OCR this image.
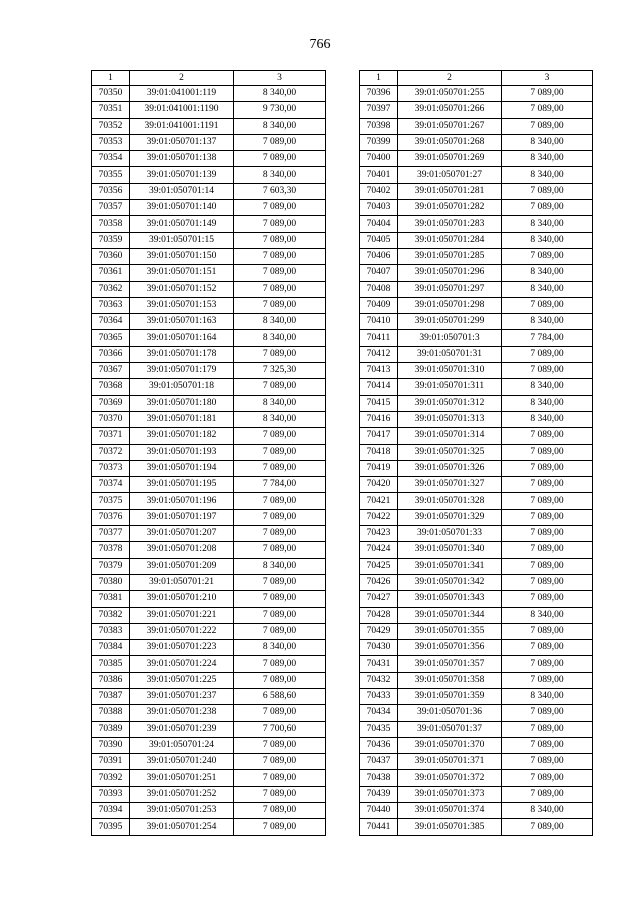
766
1	2	3
70350	39:01:041001:119	8 340,00
70351	39:01:041001:1190	9 730,00
70352	39:01:041001:1191	8 340,00
70353	39:01:050701:137	7 089,00
70354	39:01:050701:138	7 089,00
70355	39:01:050701:139	8 340,00
70356	39:01:050701:14	7 603,30
70357	39:01:050701:140	7 089,00
70358	39:01:050701:149	7 089,00
70359	39:01:050701:15	7 089,00
70360	39:01:050701:150	7 089,00
70361	39:01:050701:151	7 089,00
70362	39:01:050701:152	7 089,00
70363	39:01:050701:153	7 089,00
70364	39:01:050701:163	8 340,00
70365	39:01:050701:164	8 340,00
70366	39:01:050701:178	7 089,00
70367	39:01:050701:179	7 325,30
70368	39:01:050701:18	7 089,00
70369	39:01:050701:180	8 340,00
70370	39:01:050701:181	8 340,00
70371	39:01:050701:182	7 089,00
70372	39:01:050701:193	7 089,00
70373	39:01:050701:194	7 089,00
70374	39:01:050701:195	7 784,00
70375	39:01:050701:196	7 089,00
70376	39:01:050701:197	7 089,00
70377	39:01:050701:207	7 089,00
70378	39:01:050701:208	7 089,00
70379	39:01:050701:209	8 340,00
70380	39:01:050701:21	7 089,00
70381	39:01:050701:210	7 089,00
70382	39:01:050701:221	7 089,00
70383	39:01:050701:222	7 089,00
70384	39:01:050701:223	8 340,00
70385	39:01:050701:224	7 089,00
70386	39:01:050701:225	7 089,00
70387	39:01:050701:237	6 588,60
70388	39:01:050701:238	7 089,00
70389	39:01:050701:239	7 700,60
70390	39:01:050701:24	7 089,00
70391	39:01:050701:240	7 089,00
70392	39:01:050701:251	7 089,00
70393	39:01:050701:252	7 089,00
70394	39:01:050701:253	7 089,00
70395	39:01:050701:254	7 089,00
1	2	3
70396	39:01:050701:255	7 089,00
70397	39:01:050701:266	7 089,00
70398	39:01:050701:267	7 089,00
70399	39:01:050701:268	8 340,00
70400	39:01:050701:269	8 340,00
70401	39:01:050701:27	8 340,00
70402	39:01:050701:281	7 089,00
70403	39:01:050701:282	7 089,00
70404	39:01:050701:283	8 340,00
70405	39:01:050701:284	8 340,00
70406	39:01:050701:285	7 089,00
70407	39:01:050701:296	8 340,00
70408	39:01:050701:297	8 340,00
70409	39:01:050701:298	7 089,00
70410	39:01:050701:299	8 340,00
70411	39:01:050701:3	7 784,00
70412	39:01:050701:31	7 089,00
70413	39:01:050701:310	7 089,00
70414	39:01:050701:311	8 340,00
70415	39:01:050701:312	8 340,00
70416	39:01:050701:313	8 340,00
70417	39:01:050701:314	7 089,00
70418	39:01:050701:325	7 089,00
70419	39:01:050701:326	7 089,00
70420	39:01:050701:327	7 089,00
70421	39:01:050701:328	7 089,00
70422	39:01:050701:329	7 089,00
70423	39:01:050701:33	7 089,00
70424	39:01:050701:340	7 089,00
70425	39:01:050701:341	7 089,00
70426	39:01:050701:342	7 089,00
70427	39:01:050701:343	7 089,00
70428	39:01:050701:344	8 340,00
70429	39:01:050701:355	7 089,00
70430	39:01:050701:356	7 089,00
70431	39:01:050701:357	7 089,00
70432	39:01:050701:358	7 089,00
70433	39:01:050701:359	8 340,00
70434	39:01:050701:36	7 089,00
70435	39:01:050701:37	7 089,00
70436	39:01:050701:370	7 089,00
70437	39:01:050701:371	7 089,00
70438	39:01:050701:372	7 089,00
70439	39:01:050701:373	7 089,00
70440	39:01:050701:374	8 340,00
70441	39:01:050701:385	7 089,00
